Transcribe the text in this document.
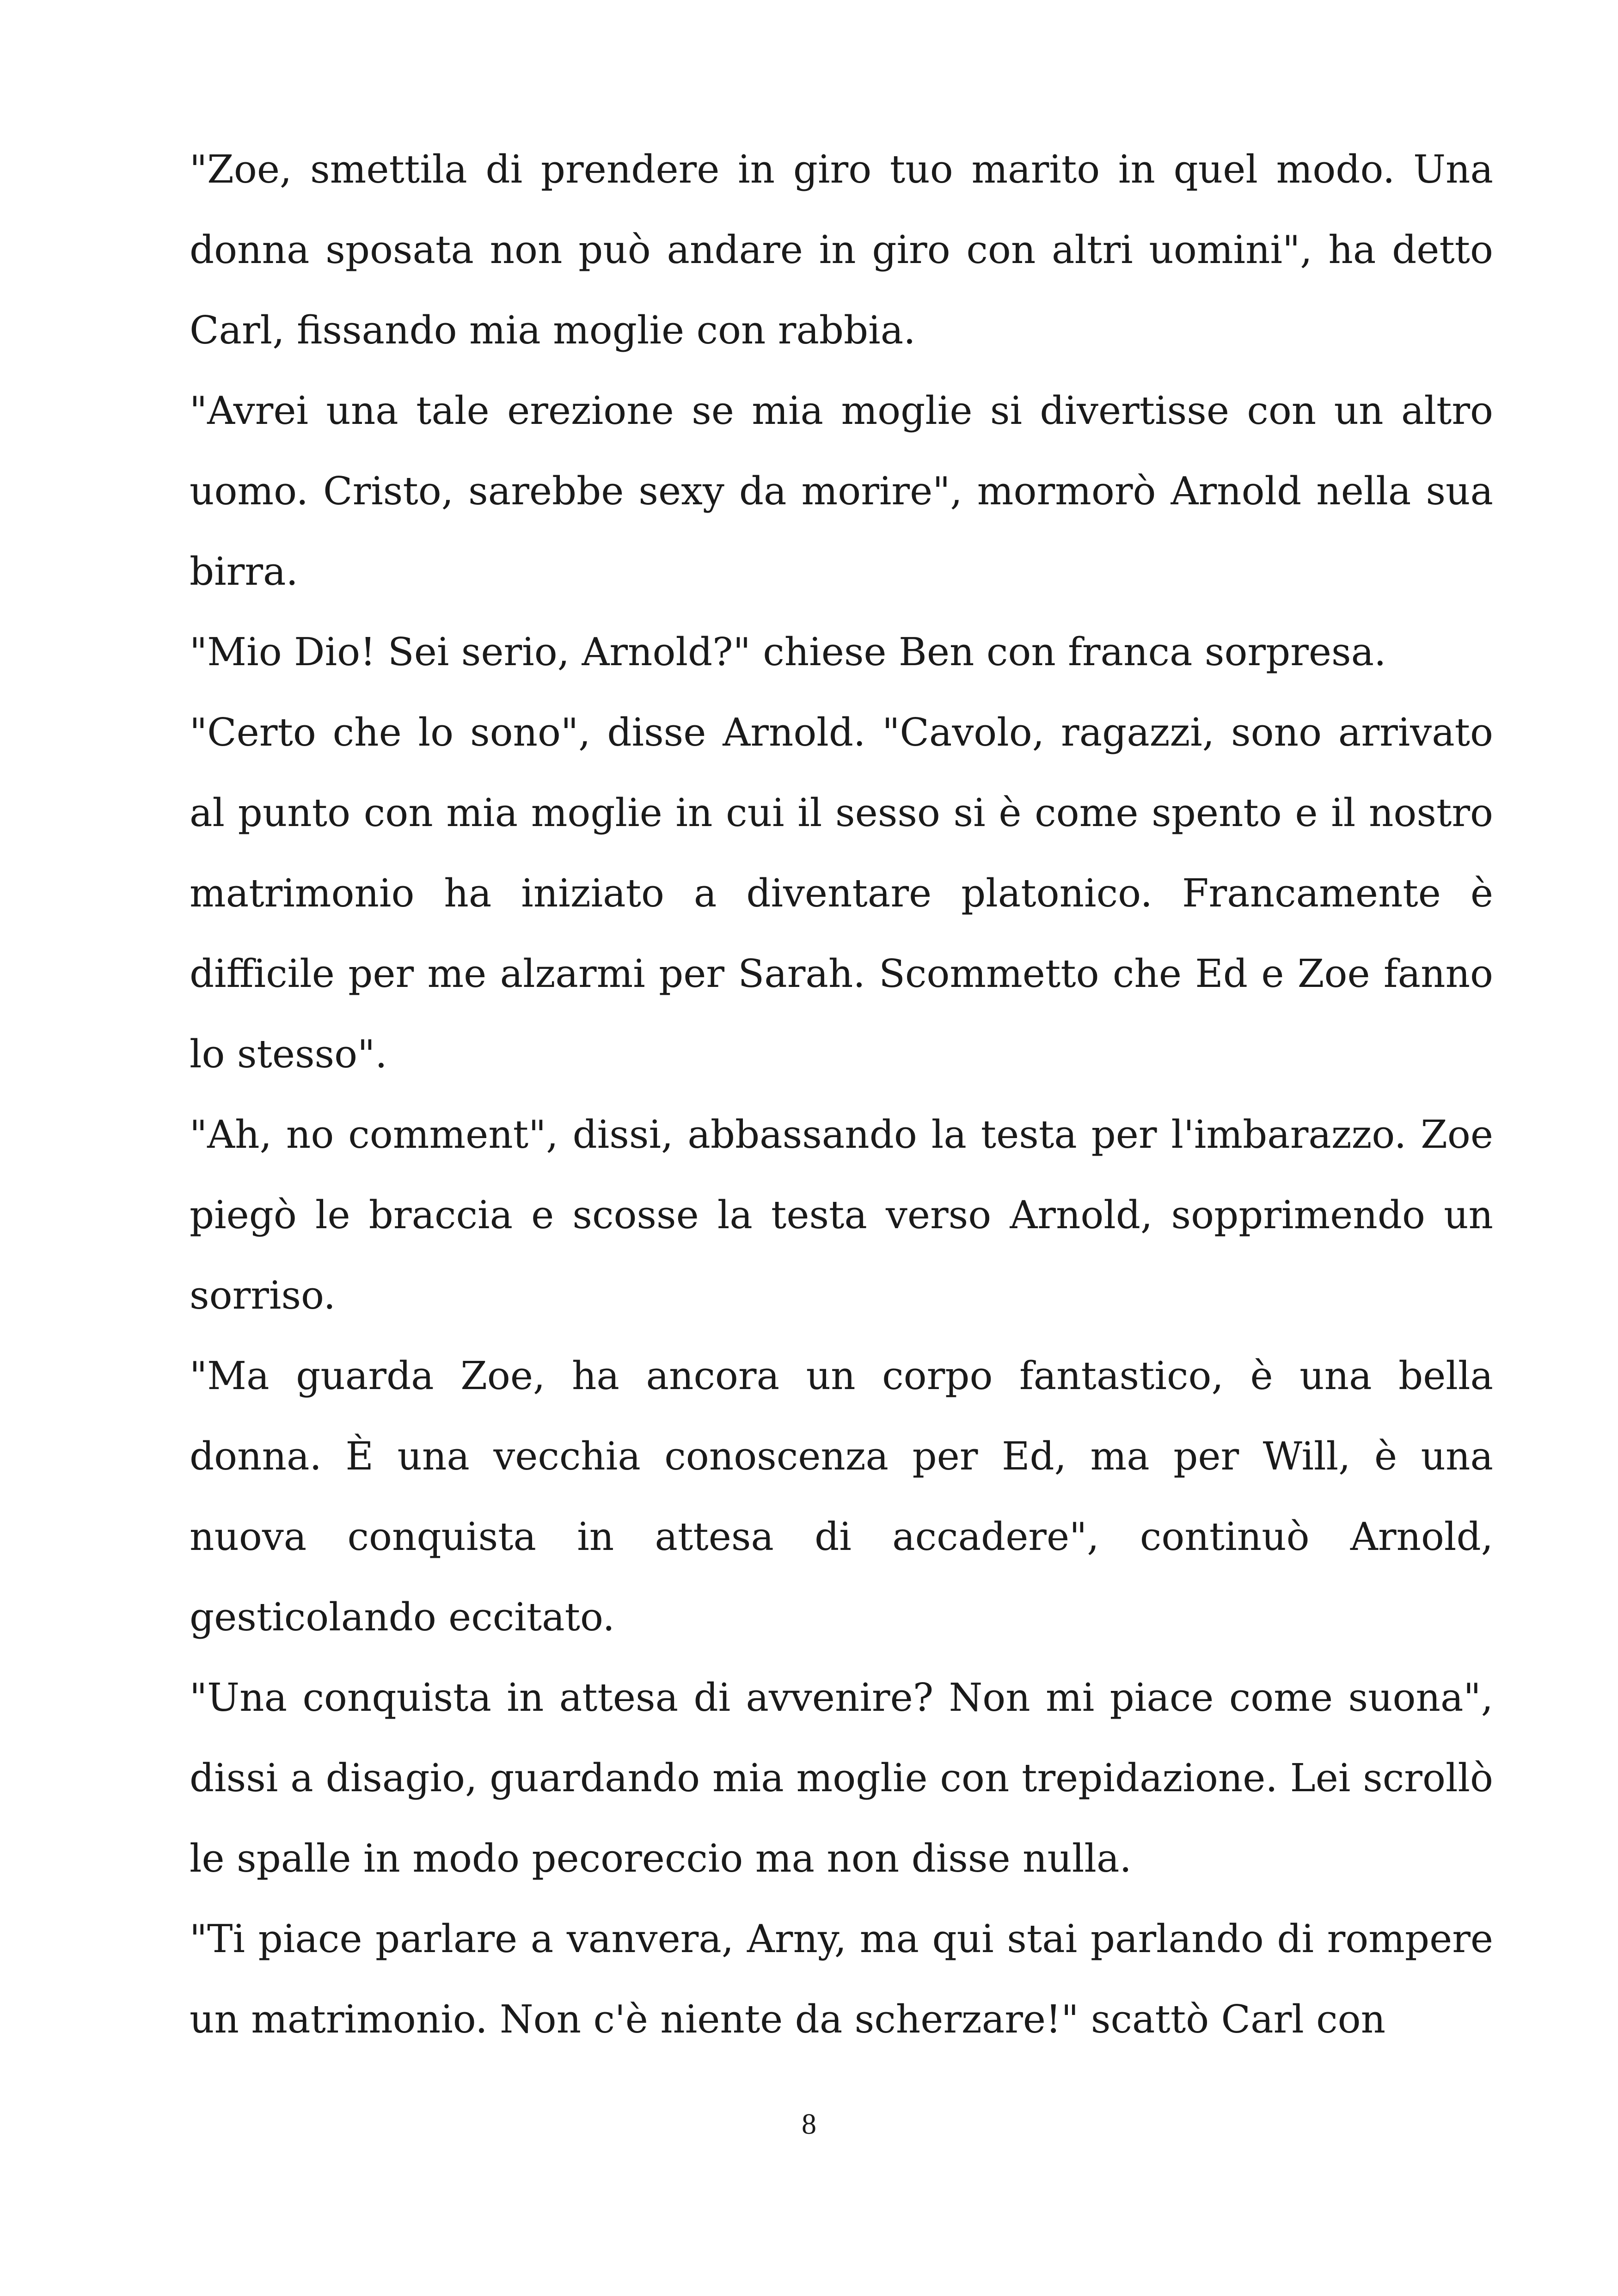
"Zoe, smettila di prendere in giro tuo marito in quel modo. Una donna sposata non può andare in giro con altri uomini", ha detto Carl, fissando mia moglie con rabbia.

"Avrei una tale erezione se mia moglie si divertisse con un altro uomo. Cristo, sarebbe sexy da morire", mormorò Arnold nella sua birra.

"Mio Dio! Sei serio, Arnold?" chiese Ben con franca sorpresa.

"Certo che lo sono", disse Arnold. "Cavolo, ragazzi, sono arrivato al punto con mia moglie in cui il sesso si è come spento e il nostro matrimonio ha iniziato a diventare platonico. Francamente è difficile per me alzarmi per Sarah. Scommetto che Ed e Zoe fanno lo stesso".

"Ah, no comment", dissi, abbassando la testa per l'imbarazzo. Zoe piegò le braccia e scosse la testa verso Arnold, sopprimendo un sorriso.

"Ma guarda Zoe, ha ancora un corpo fantastico, è una bella donna. È una vecchia conoscenza per Ed, ma per Will, è una nuova conquista in attesa di accadere", continuò Arnold, gesticolando eccitato.

"Una conquista in attesa di avvenire? Non mi piace come suona", dissi a disagio, guardando mia moglie con trepidazione. Lei scrollò le spalle in modo pecoreccio ma non disse nulla.

"Ti piace parlare a vanvera, Arny, ma qui stai parlando di rompere un matrimonio. Non c'è niente da scherzare!" scattò Carl con

8
